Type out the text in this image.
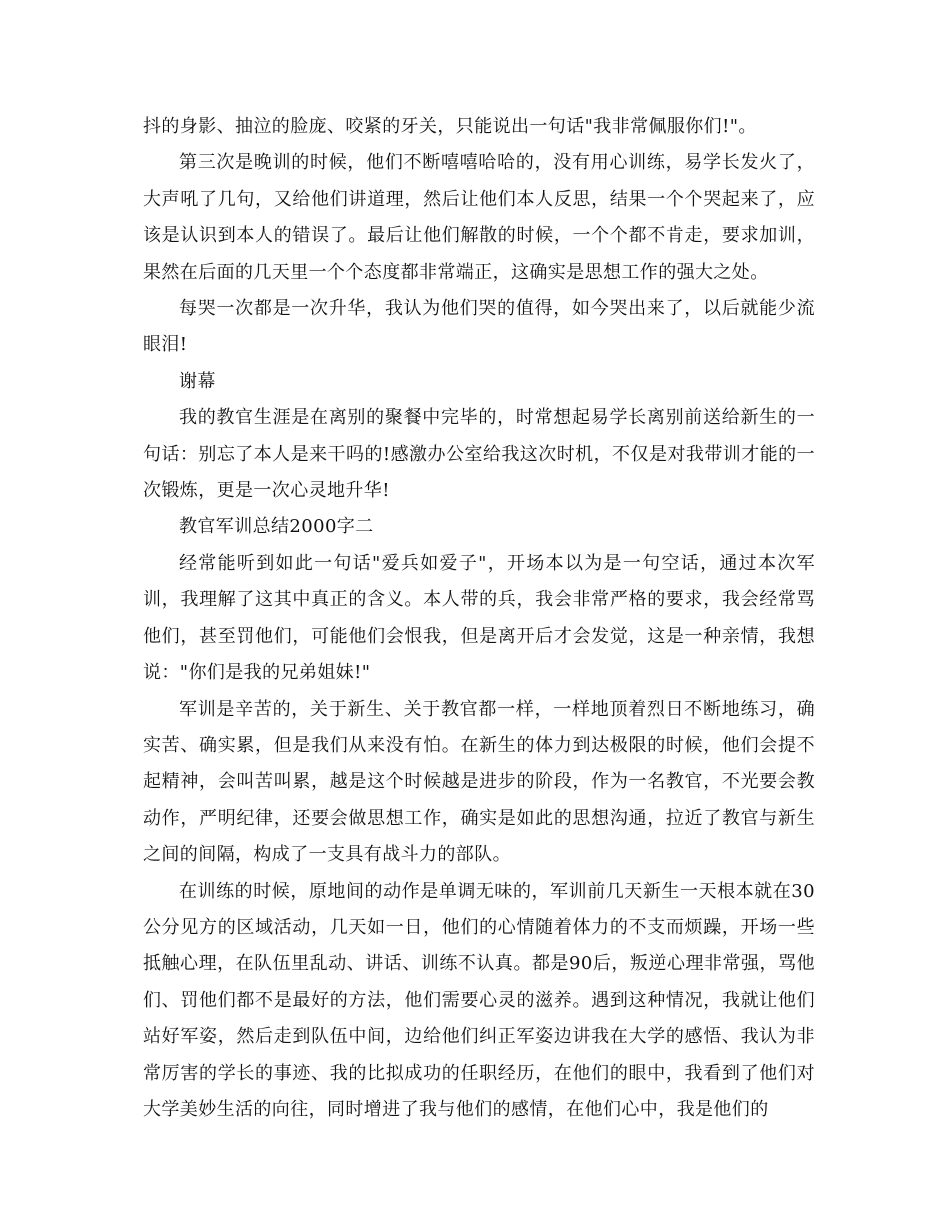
抖的身影、抽泣的脸庞、咬紧的牙关，只能说出一句话"我非常佩服你们!"。

第三次是晚训的时候，他们不断嘻嘻哈哈的，没有用心训练，易学长发火了，大声吼了几句，又给他们讲道理，然后让他们本人反思，结果一个个哭起来了，应该是认识到本人的错误了。最后让他们解散的时候，一个个都不肯走，要求加训，果然在后面的几天里一个个态度都非常端正，这确实是思想工作的强大之处。

每哭一次都是一次升华，我认为他们哭的值得，如今哭出来了，以后就能少流眼泪!

谢幕

我的教官生涯是在离别的聚餐中完毕的，时常想起易学长离别前送给新生的一句话：别忘了本人是来干吗的!感激办公室给我这次时机，不仅是对我带训才能的一次锻炼，更是一次心灵地升华!

教官军训总结2000字二

经常能听到如此一句话"爱兵如爱子"，开场本以为是一句空话，通过本次军训，我理解了这其中真正的含义。本人带的兵，我会非常严格的要求，我会经常骂他们，甚至罚他们，可能他们会恨我，但是离开后才会发觉，这是一种亲情，我想说："你们是我的兄弟姐妹!"

军训是辛苦的，关于新生、关于教官都一样，一样地顶着烈日不断地练习，确实苦、确实累，但是我们从来没有怕。在新生的体力到达极限的时候，他们会提不起精神，会叫苦叫累，越是这个时候越是进步的阶段，作为一名教官，不光要会教动作，严明纪律，还要会做思想工作，确实是如此的思想沟通，拉近了教官与新生之间的间隔，构成了一支具有战斗力的部队。

在训练的时候，原地间的动作是单调无味的，军训前几天新生一天根本就在30公分见方的区域活动，几天如一日，他们的心情随着体力的不支而烦躁，开场一些抵触心理，在队伍里乱动、讲话、训练不认真。都是90后，叛逆心理非常强，骂他们、罚他们都不是最好的方法，他们需要心灵的滋养。遇到这种情况，我就让他们站好军姿，然后走到队伍中间，边给他们纠正军姿边讲我在大学的感悟、我认为非常厉害的学长的事迹、我的比拟成功的任职经历，在他们的眼中，我看到了他们对大学美妙生活的向往，同时增进了我与他们的感情，在他们心中，我是他们的
